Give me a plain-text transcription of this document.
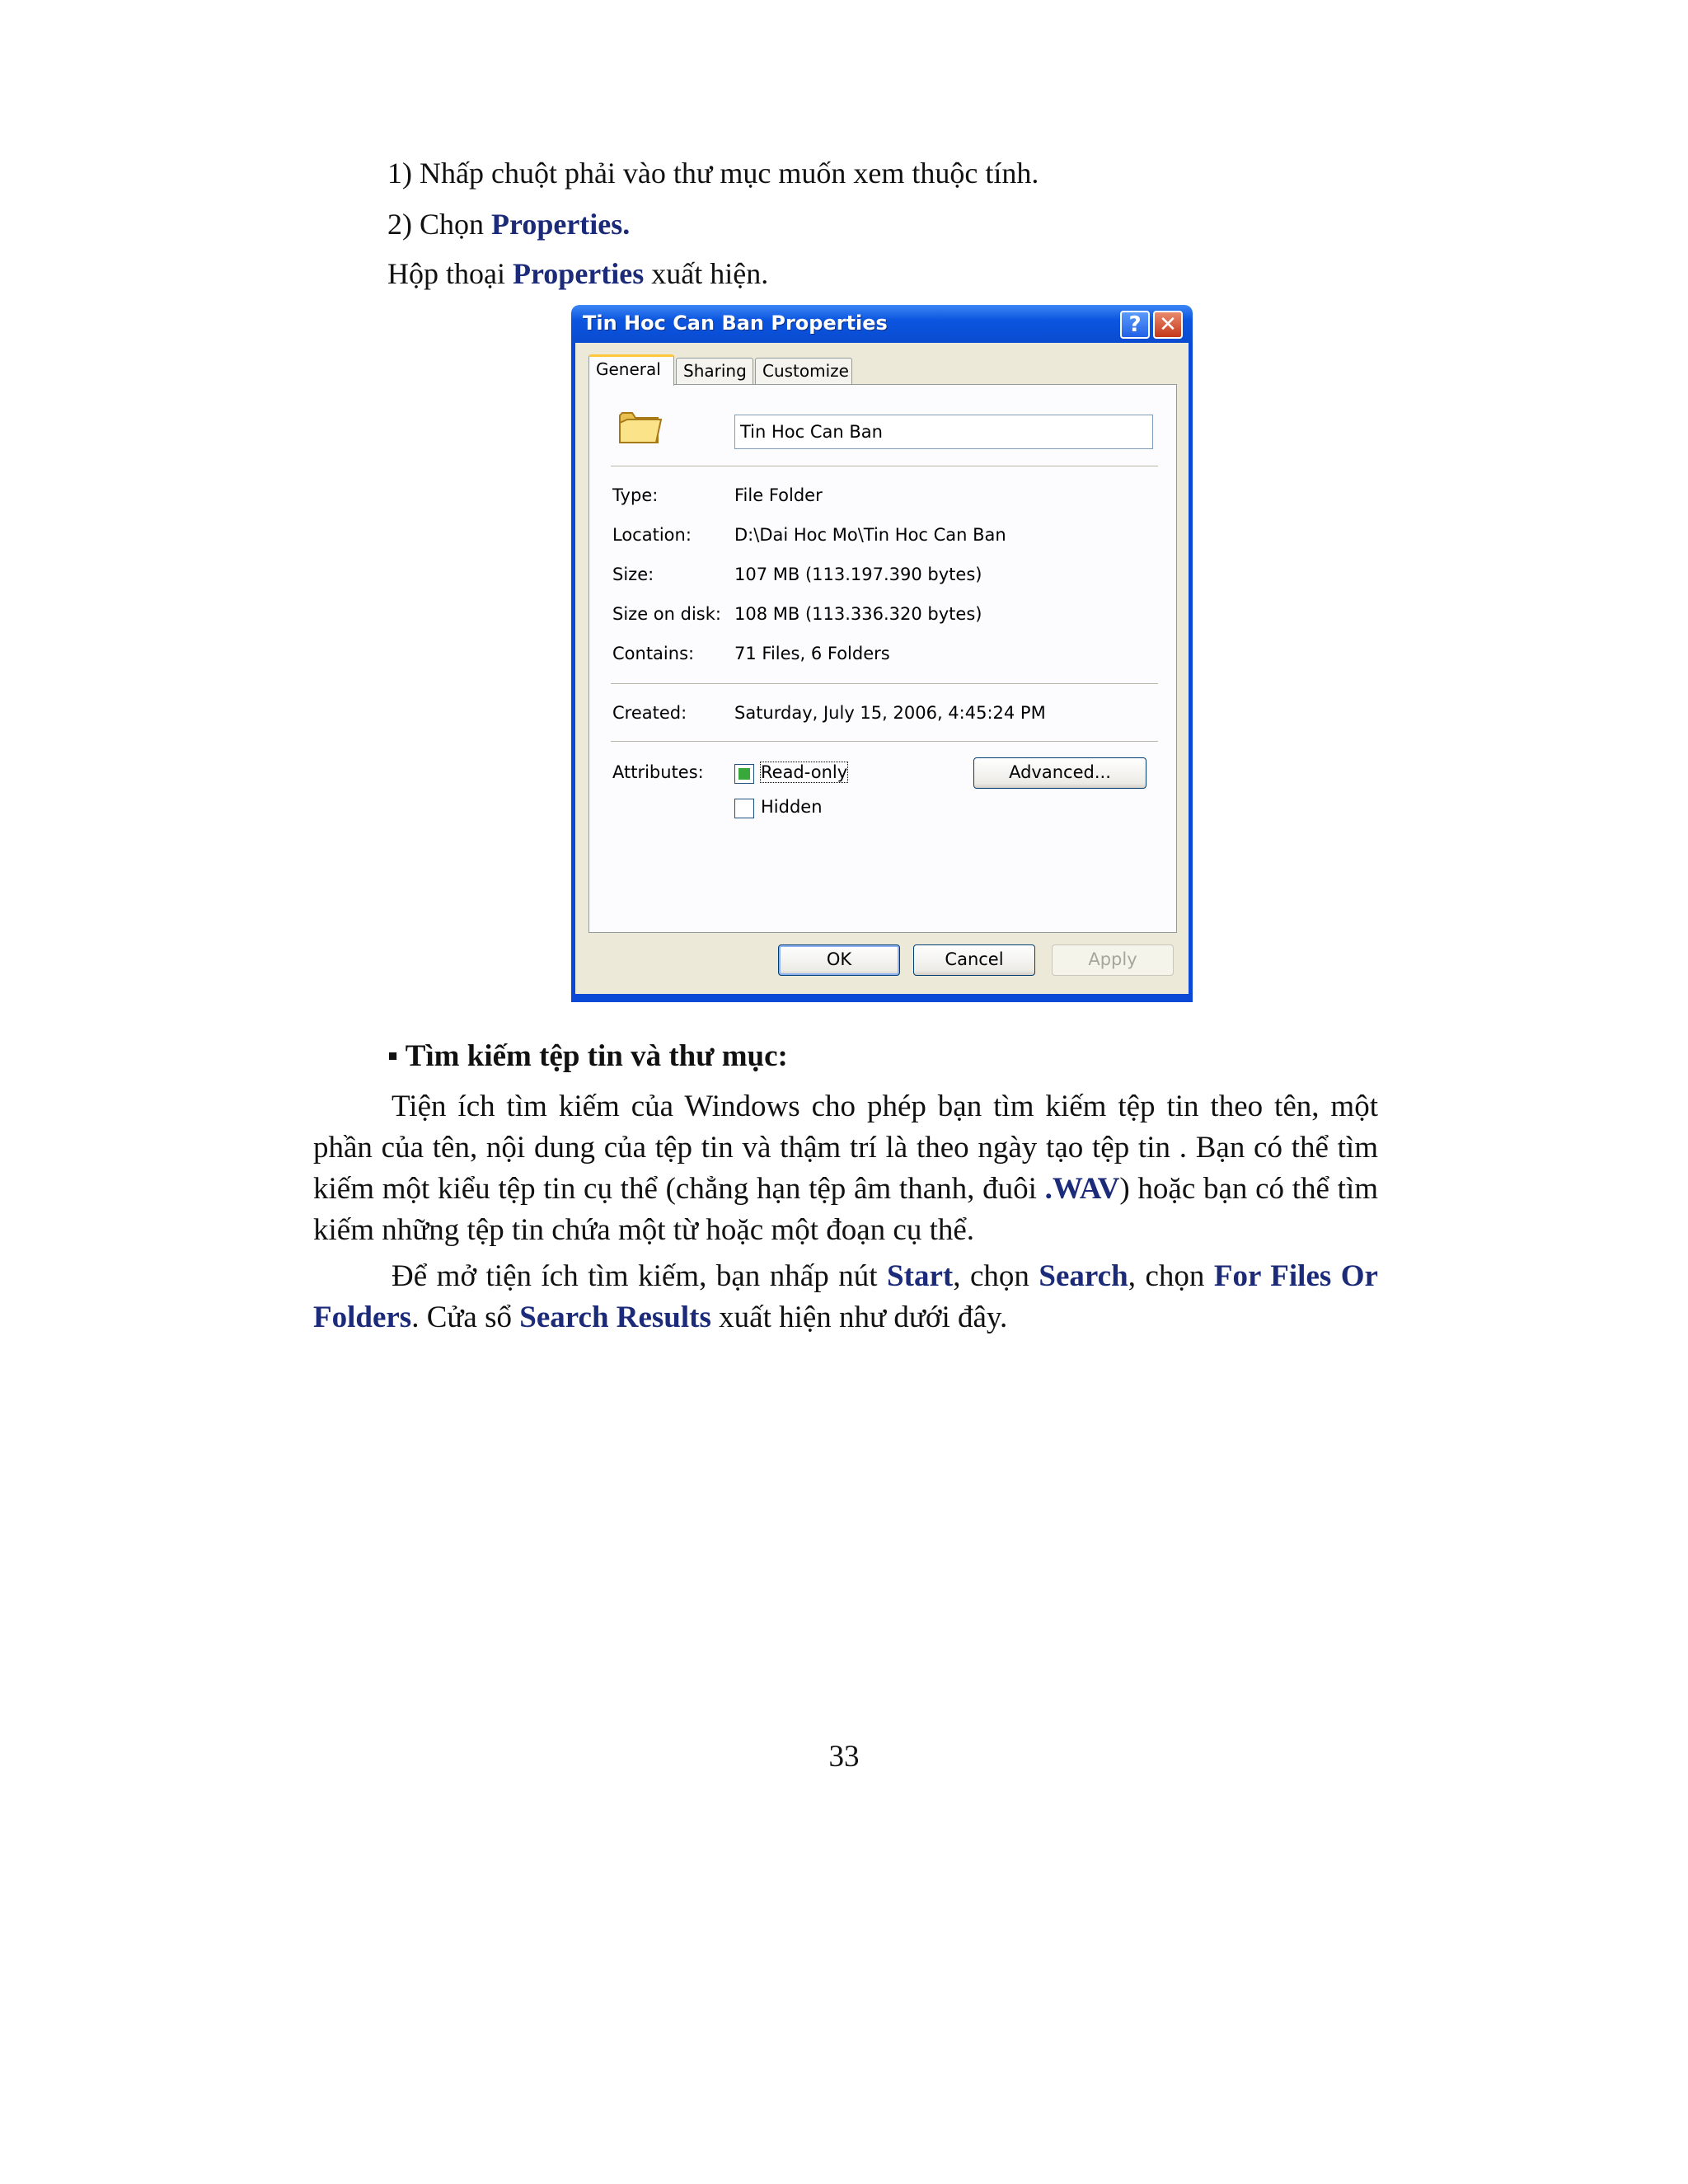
1) Nhấp chuột phải vào thư mục muốn xem thuộc tính.
2) Chọn Properties.
Hộp thoại Properties xuất hiện.
Tin Hoc Can Ban Properties	? ✕
General	Sharing Customize
Tin Hoc Can Ban
Type:	File Folder
Location: D:\Dai Hoc Mo\Tin Hoc Can Ban
Size:	107 MB (113.197.390 bytes)
Size on disk: 108 MB (113.336.320 bytes)
Contains: 71 Files, 6 Folders
Created:	Saturday, July 15, 2006, 4:45:24 PM
Attributes:	Read-only
Hidden
Advanced...
OK	Cancel	Apply
▪ Tìm kiếm tệp tin và thư mục:
Tiện ích tìm kiếm của Windows cho phép bạn tìm kiếm tệp tin theo tên, một phần của tên, nội dung của tệp tin và thậm trí là theo ngày tạo tệp tin . Bạn có thể tìm kiếm một kiểu tệp tin cụ thể (chẳng hạn tệp âm thanh, đuôi .WAV) hoặc bạn có thể tìm kiếm những tệp tin chứa một từ hoặc một đoạn cụ thể.
Để mở tiện ích tìm kiếm, bạn nhấp nút Start, chọn Search, chọn For Files Or Folders. Cửa sổ Search Results xuất hiện như dưới đây.
33
